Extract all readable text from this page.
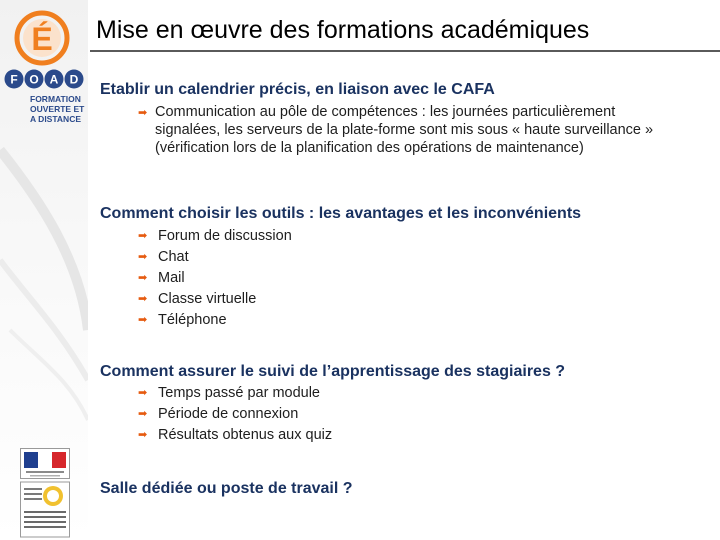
É
F O A D
FORMATION
OUVERTE ET
A DISTANCE
Mise en œuvre des formations académiques
Etablir un calendrier précis, en liaison avec le CAFA
➡ Communication au pôle de compétences : les journées particulièrement signalées, les serveurs de la plate-forme sont mis sous « haute surveillance » (vérification lors de la planification des opérations de maintenance)
Comment choisir les outils : les avantages et les inconvénients
➡ Forum de discussion
➡ Chat
➡ Mail
➡ Classe virtuelle
➡ Téléphone
Comment assurer le suivi de l’apprentissage des stagiaires ?
➡ Temps passé par module
➡ Période de connexion
➡ Résultats obtenus aux quiz
Salle dédiée ou poste de travail ?
